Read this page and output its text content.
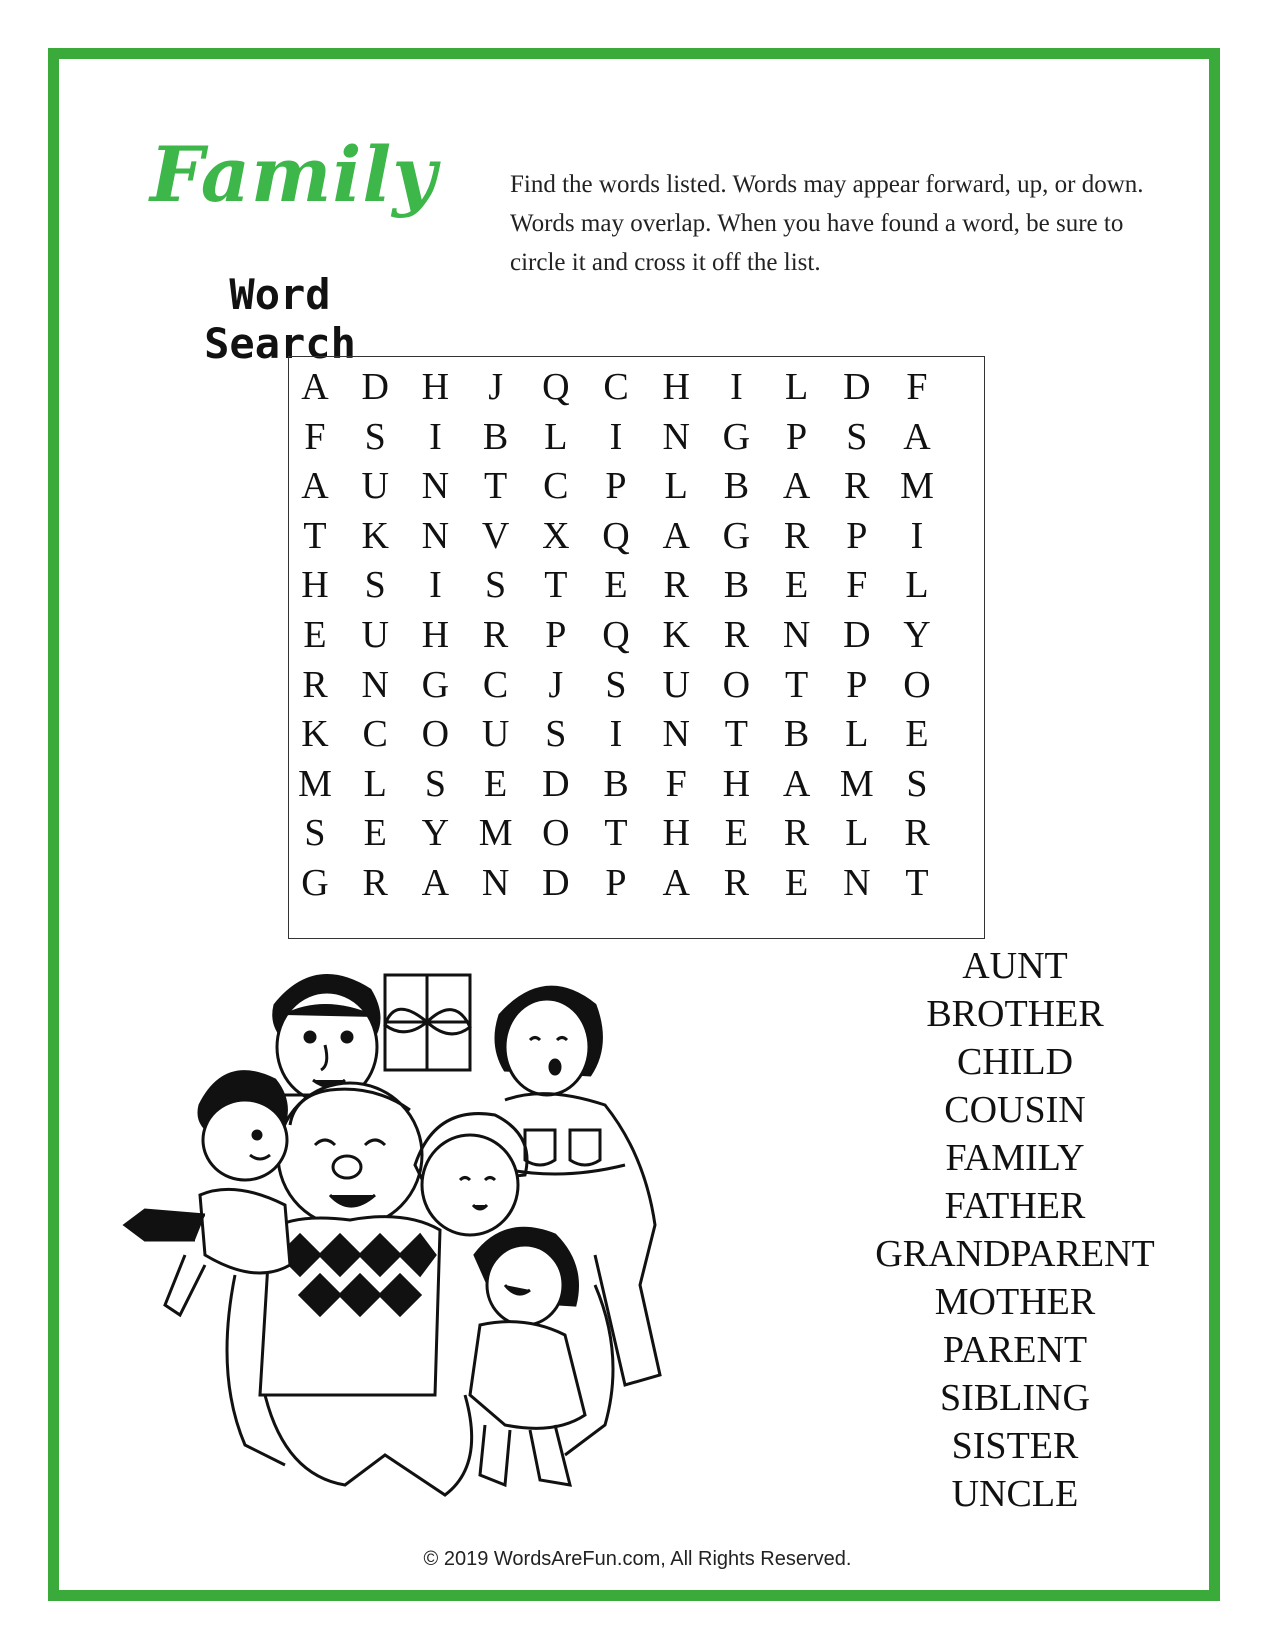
Family
Word Search
Find the words listed. Words may appear forward, up, or down. Words may overlap. When you have found a word, be sure to circle it and cross it off the list.
A D H	J	Q C H	I	L D F
F	S	I	B L	I	N G P	S A
A U N T C P	L B A R M
T K N V X Q A G R P	I
H S	I	S	T E R B E	F	L
E U H R P Q K R N D Y
R N G C	J	S U O T	P O
K C O U S	I	N T B L E
M L	S	E D B F H A M S
S	E Y M O T H E R L R
G R A N D P A R E N T
AUNT
BROTHER
CHILD
COUSIN
FAMILY
FATHER
GRANDPARENT
MOTHER
PARENT
SIBLING
SISTER
UNCLE
© 2019 WordsAreFun.com, All Rights Reserved.
